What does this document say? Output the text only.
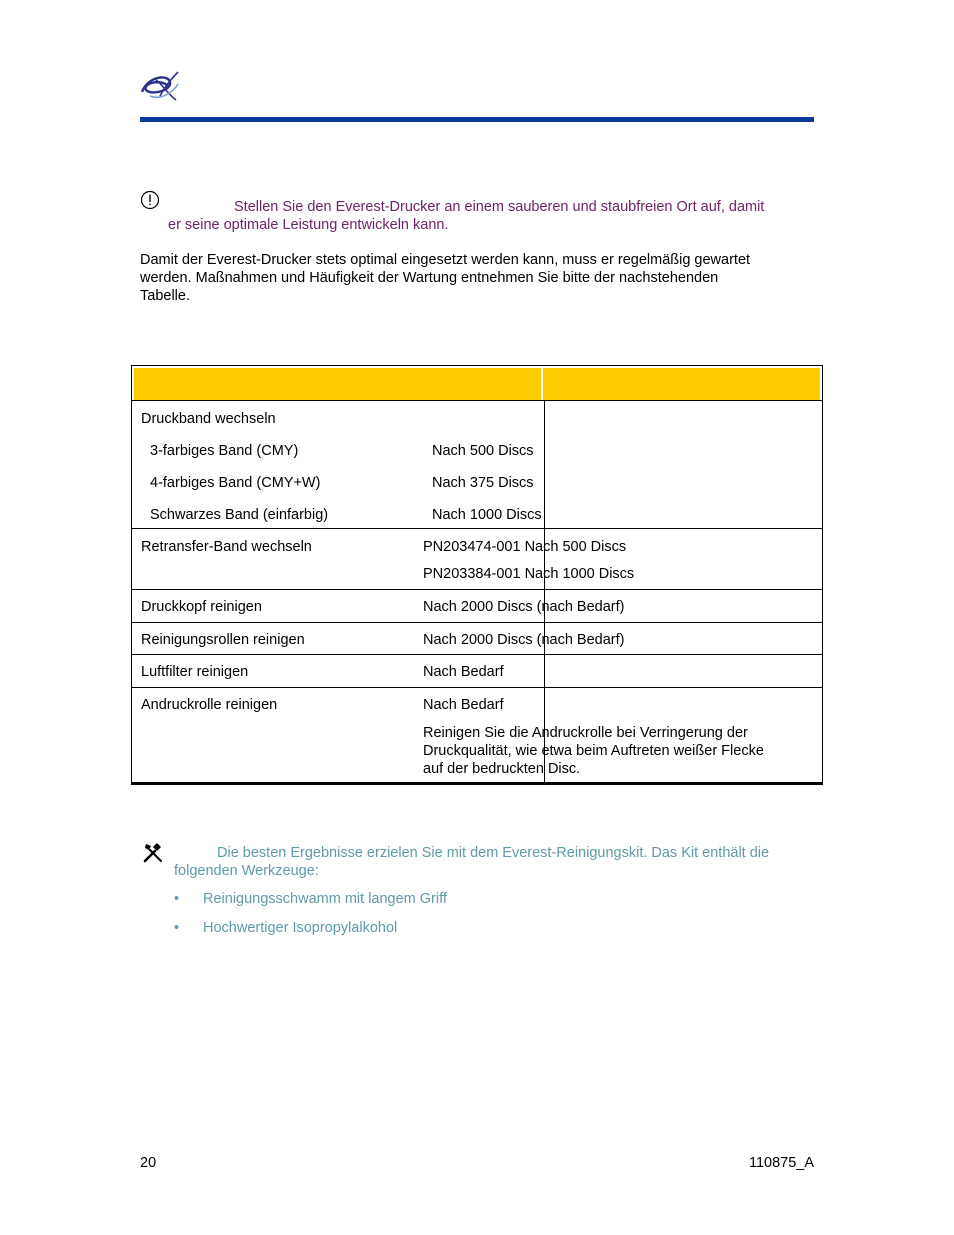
Stellen Sie den Everest-Drucker an einem sauberen und staubfreien Ort auf, damit
er seine optimale Leistung entwickeln kann.
Damit der Everest-Drucker stets optimal eingesetzt werden kann, muss er regelmäßig gewartet
werden. Maßnahmen und Häufigkeit der Wartung entnehmen Sie bitte der nachstehenden
Tabelle.
Druckband wechseln
3-farbiges Band (CMY)	Nach 500 Discs
4-farbiges Band (CMY+W)	Nach 375 Discs
Schwarzes Band (einfarbig)	Nach 1000 Discs
Retransfer-Band wechseln	PN203474-001 Nach 500 Discs
PN203384-001 Nach 1000 Discs
Druckkopf reinigen	Nach 2000 Discs (nach Bedarf)
Reinigungsrollen reinigen	Nach 2000 Discs (nach Bedarf)
Luftfilter reinigen	Nach Bedarf
Andruckrolle reinigen	Nach Bedarf
Reinigen Sie die Andruckrolle bei Verringerung der
Druckqualität, wie etwa beim Auftreten weißer Flecke
auf der bedruckten Disc.
Die besten Ergebnisse erzielen Sie mit dem Everest-Reinigungskit. Das Kit enthält die
folgenden Werkzeuge:
• Reinigungsschwamm mit langem Griff
• Hochwertiger Isopropylalkohol
20	110875_A
